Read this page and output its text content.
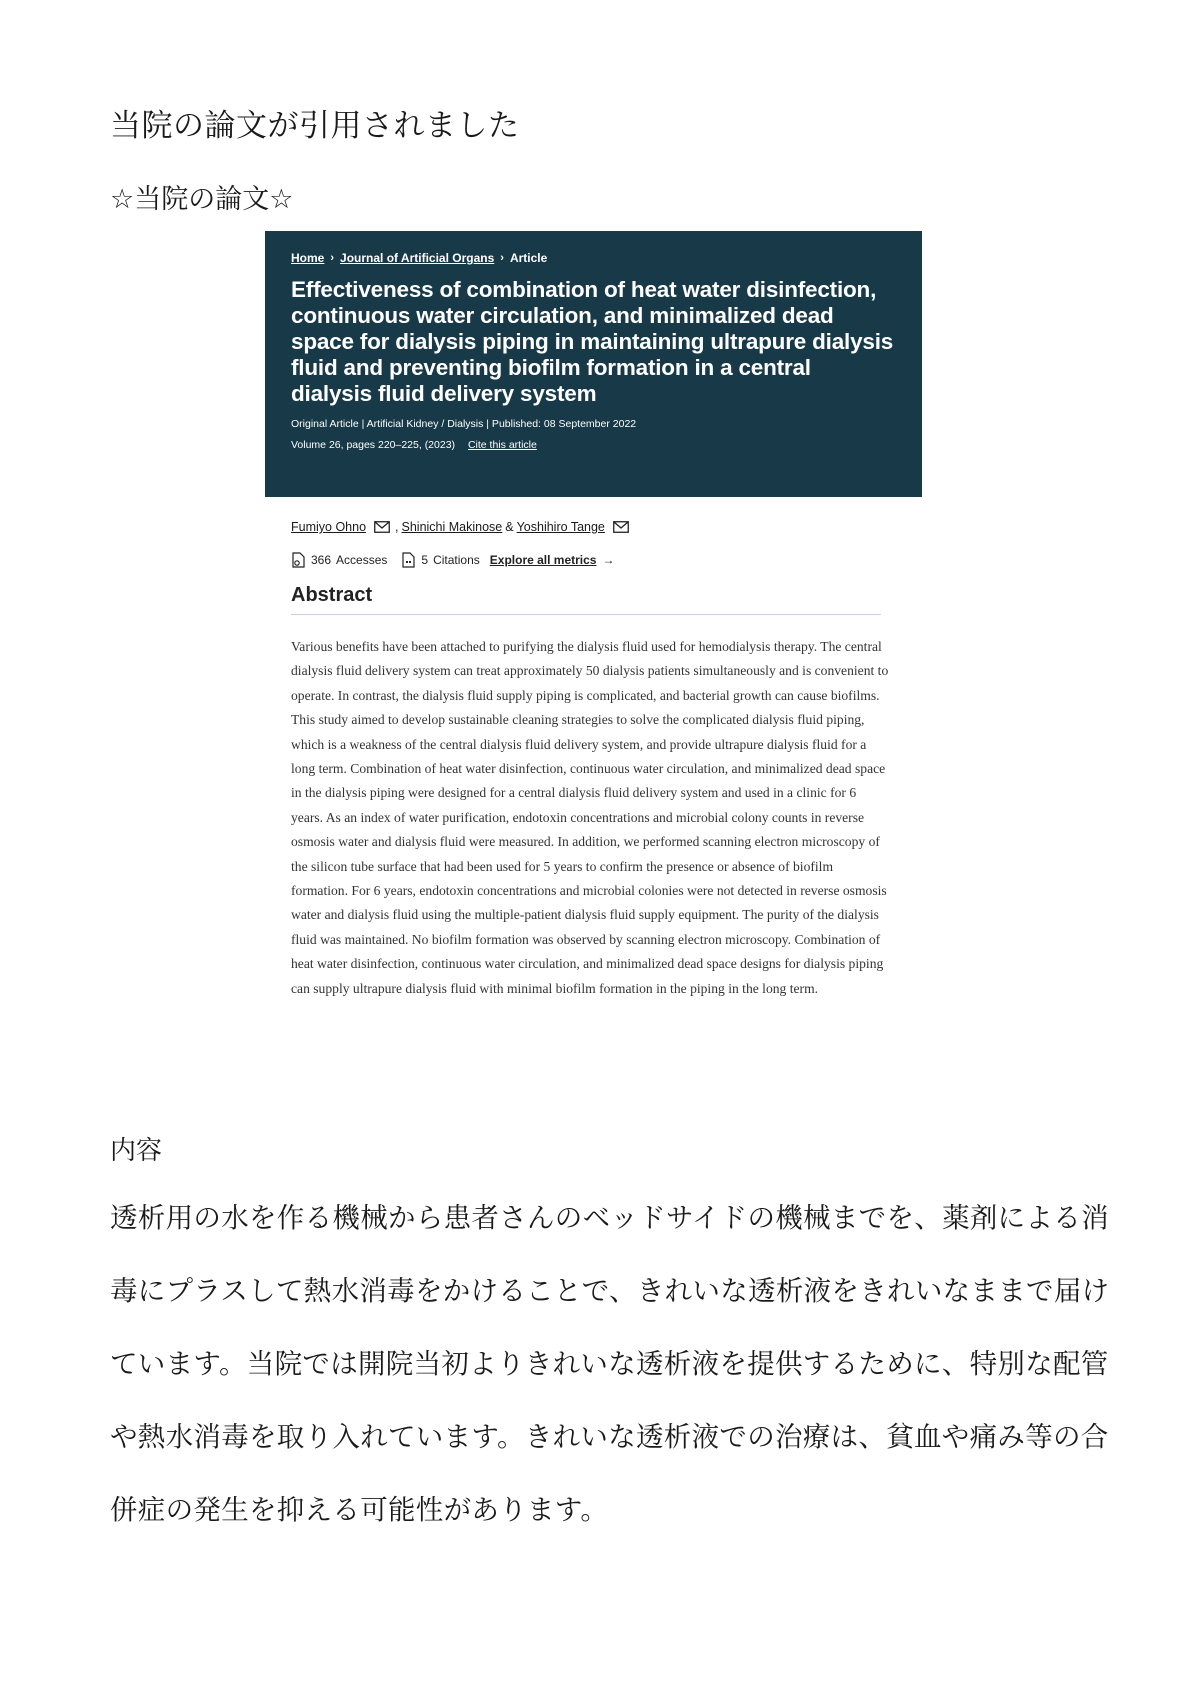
当院の論文が引用されました
☆当院の論文☆
Home › Journal of Artificial Organs › Article
Effectiveness of combination of heat water disinfection, continuous water circulation, and minimalized dead space for dialysis piping in maintaining ultrapure dialysis fluid and preventing biofilm formation in a central dialysis fluid delivery system
Original Article | Artificial Kidney / Dialysis | Published: 08 September 2022
Volume 26, pages 220–225, (2023) Cite this article
Fumiyo Ohno , Shinichi Makinose & Yoshihiro Tange
366 Accesses	5 Citations Explore all metrics →
Abstract
Various benefits have been attached to purifying the dialysis fluid used for hemodialysis therapy. The central dialysis fluid delivery system can treat approximately 50 dialysis patients simultaneously and is convenient to operate. In contrast, the dialysis fluid supply piping is complicated, and bacterial growth can cause biofilms. This study aimed to develop sustainable cleaning strategies to solve the complicated dialysis fluid piping, which is a weakness of the central dialysis fluid delivery system, and provide ultrapure dialysis fluid for a long term. Combination of heat water disinfection, continuous water circulation, and minimalized dead space in the dialysis piping were designed for a central dialysis fluid delivery system and used in a clinic for 6 years. As an index of water purification, endotoxin concentrations and microbial colony counts in reverse osmosis water and dialysis fluid were measured. In addition, we performed scanning electron microscopy of the silicon tube surface that had been used for 5 years to confirm the presence or absence of biofilm formation. For 6 years, endotoxin concentrations and microbial colonies were not detected in reverse osmosis water and dialysis fluid using the multiple-patient dialysis fluid supply equipment. The purity of the dialysis fluid was maintained. No biofilm formation was observed by scanning electron microscopy. Combination of heat water disinfection, continuous water circulation, and minimalized dead space designs for dialysis piping can supply ultrapure dialysis fluid with minimal biofilm formation in the piping in the long term.
内容

透析用の水を作る機械から患者さんのベッドサイドの機械までを、薬剤による消毒にプラスして熱水消毒をかけることで、きれいな透析液をきれいなままで届けています。当院では開院当初よりきれいな透析液を提供するために、特別な配管や熱水消毒を取り入れています。きれいな透析液での治療は、貧血や痛み等の合併症の発生を抑える可能性があります。
